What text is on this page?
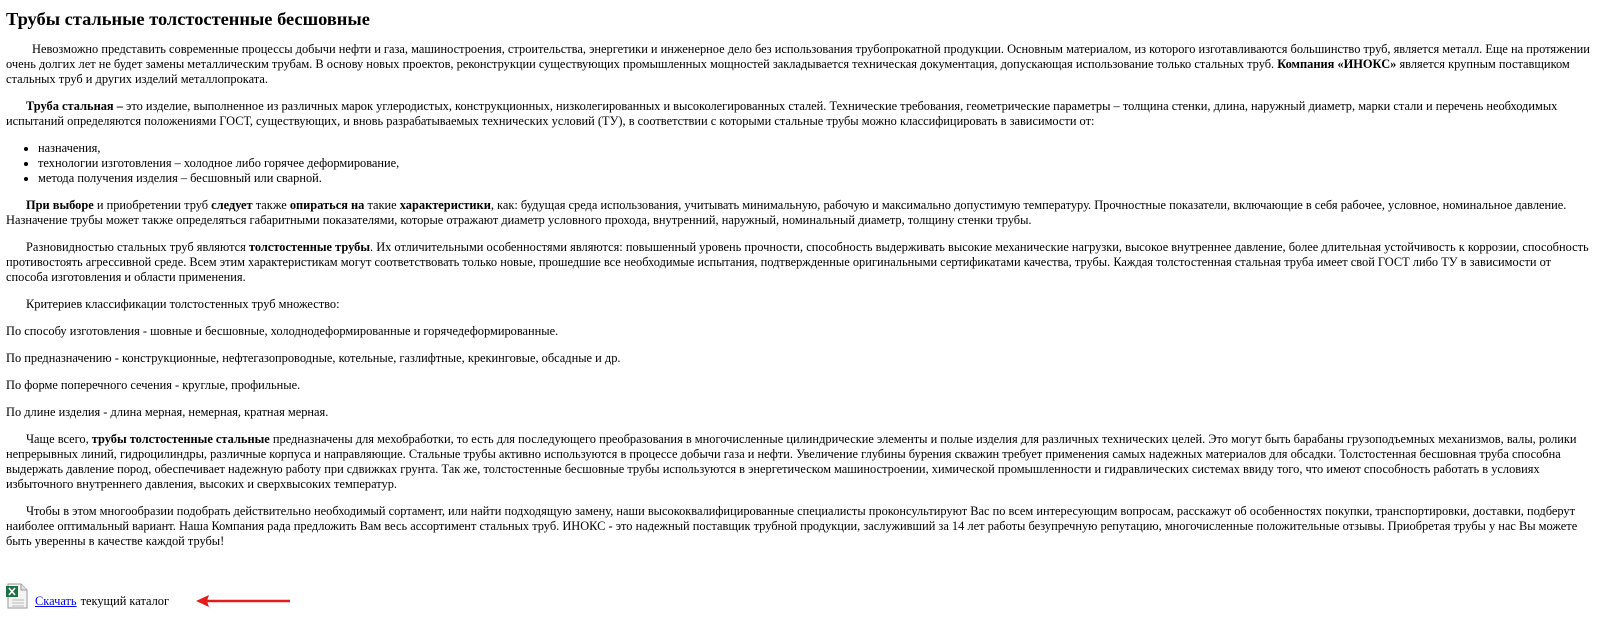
Трубы стальные толстостенные бесшовные

Невозможно представить современные процессы добычи нефти и газа, машиностроения, строительства, энергетики и инженерное дело без использования трубопрокатной продукции. Основным материалом, из которого изготавливаются большинство труб, является металл. Еще на протяжении очень долгих лет не будет замены металлическим трубам. В основу новых проектов, реконструкции существующих промышленных мощностей закладывается техническая документация, допускающая использование только стальных труб. Компания «ИНОКС» является крупным поставщиком стальных труб и других изделий металлопроката.

Труба стальная – это изделие, выполненное из различных марок углеродистых, конструкционных, низколегированных и высоколегированных сталей. Технические требования, геометрические параметры – толщина стенки, длина, наружный диаметр, марки стали и перечень необходимых испытаний определяются положениями ГОСТ, существующих, и вновь разрабатываемых технических условий (ТУ), в соответствии с которыми стальные трубы можно классифицировать в зависимости от:

• назначения,
• технологии изготовления – холодное либо горячее деформирование,
• метода получения изделия – бесшовный или сварной.

При выборе и приобретении труб следует также опираться на такие характеристики, как: будущая среда использования, учитывать минимальную, рабочую и максимально допустимую температуру. Прочностные показатели, включающие в себя рабочее, условное, номинальное давление. Назначение трубы может также определяться габаритными показателями, которые отражают диаметр условного прохода, внутренний, наружный, номинальный диаметр, толщину стенки трубы.

Разновидностью стальных труб являются толстостенные трубы. Их отличительными особенностями являются: повышенный уровень прочности, способность выдерживать высокие механические нагрузки, высокое внутреннее давление, более длительная устойчивость к коррозии, способность противостоять агрессивной среде. Всем этим характеристикам могут соответствовать только новые, прошедшие все необходимые испытания, подтвержденные оригинальными сертификатами качества, трубы. Каждая толстостенная стальная труба имеет свой ГОСТ либо ТУ в зависимости от способа изготовления и области применения.

Критериев классификации толстостенных труб множество:

По способу изготовления - шовные и бесшовные, холоднодеформированные и горячедеформированные.

По предназначению - конструкционные, нефтегазопроводные, котельные, газлифтные, крекинговые, обсадные и др.

По форме поперечного сечения - круглые, профильные.

По длине изделия - длина мерная, немерная, кратная мерная.

Чаще всего, трубы толстостенные стальные предназначены для мехобработки, то есть для последующего преобразования в многочисленные цилиндрические элементы и полые изделия для различных технических целей. Это могут быть барабаны грузоподъемных механизмов, валы, ролики непрерывных линий, гидроцилиндры, различные корпуса и направляющие. Стальные трубы активно используются в процессе добычи газа и нефти. Увеличение глубины бурения скважин требует применения самых надежных материалов для обсадки. Толстостенная бесшовная труба способна выдержать давление пород, обеспечивает надежную работу при сдвижках грунта. Так же, толстостенные бесшовные трубы используются в энергетическом машиностроении, химической промышленности и гидравлических системах ввиду того, что имеют способность работать в условиях избыточного внутреннего давления, высоких и сверхвысоких температур.

Чтобы в этом многообразии подобрать действительно необходимый сортамент, или найти подходящую замену, наши высококвалифицированные специалисты проконсультируют Вас по всем интересующим вопросам, расскажут об особенностях покупки, транспортировки, доставки, подберут наиболее оптимальный вариант. Наша Компания рада предложить Вам весь ассортимент стальных труб. ИНОКС - это надежный поставщик трубной продукции, заслуживший за 14 лет работы безупречную репутацию, многочисленные положительные отзывы. Приобретая трубы у нас Вы можете быть уверенны в качестве каждой трубы!

Скачать текущий каталог
